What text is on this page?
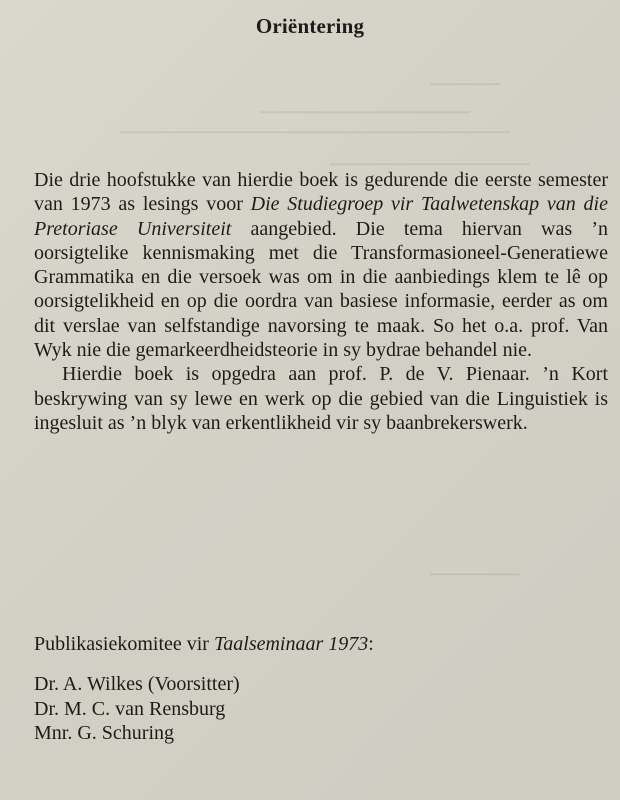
▁▁▁▁▁▁▁
▁▁▁▁▁▁▁▁▁▁▁▁▁▁▁▁▁▁▁▁▁
▁▁▁▁▁▁▁▁▁▁▁▁▁▁▁▁▁▁▁▁▁▁▁▁▁▁▁▁▁▁▁▁▁▁▁▁▁▁▁
▁▁▁▁▁▁▁▁▁▁▁▁▁▁▁▁▁▁▁▁
▁▁▁▁▁▁▁▁▁
Oriëntering

Die drie hoofstukke van hierdie boek is gedurende die eerste semester van 1973 as lesings voor Die Studiegroep vir Taalwetenskap van die Pretoriase Universiteit aangebied. Die tema hiervan was ’n oorsigtelike kennismaking met die Transformasioneel-Generatiewe Grammatika en die versoek was om in die aanbiedings klem te lê op oorsigtelikheid en op die oordra van basiese informasie, eerder as om dit verslae van selfstandige navorsing te maak. So het o.a. prof. Van Wyk nie die gemarkeerdheidsteorie in sy bydrae behandel nie.

Hierdie boek is opgedra aan prof. P. de V. Pienaar. ’n Kort beskrywing van sy lewe en werk op die gebied van die Linguistiek is ingesluit as ’n blyk van erkentlikheid vir sy baanbrekerswerk.

Publikasiekomitee vir Taalseminaar 1973:
Dr. A. Wilkes (Voorsitter)
Dr. M. C. van Rensburg
Mnr. G. Schuring
